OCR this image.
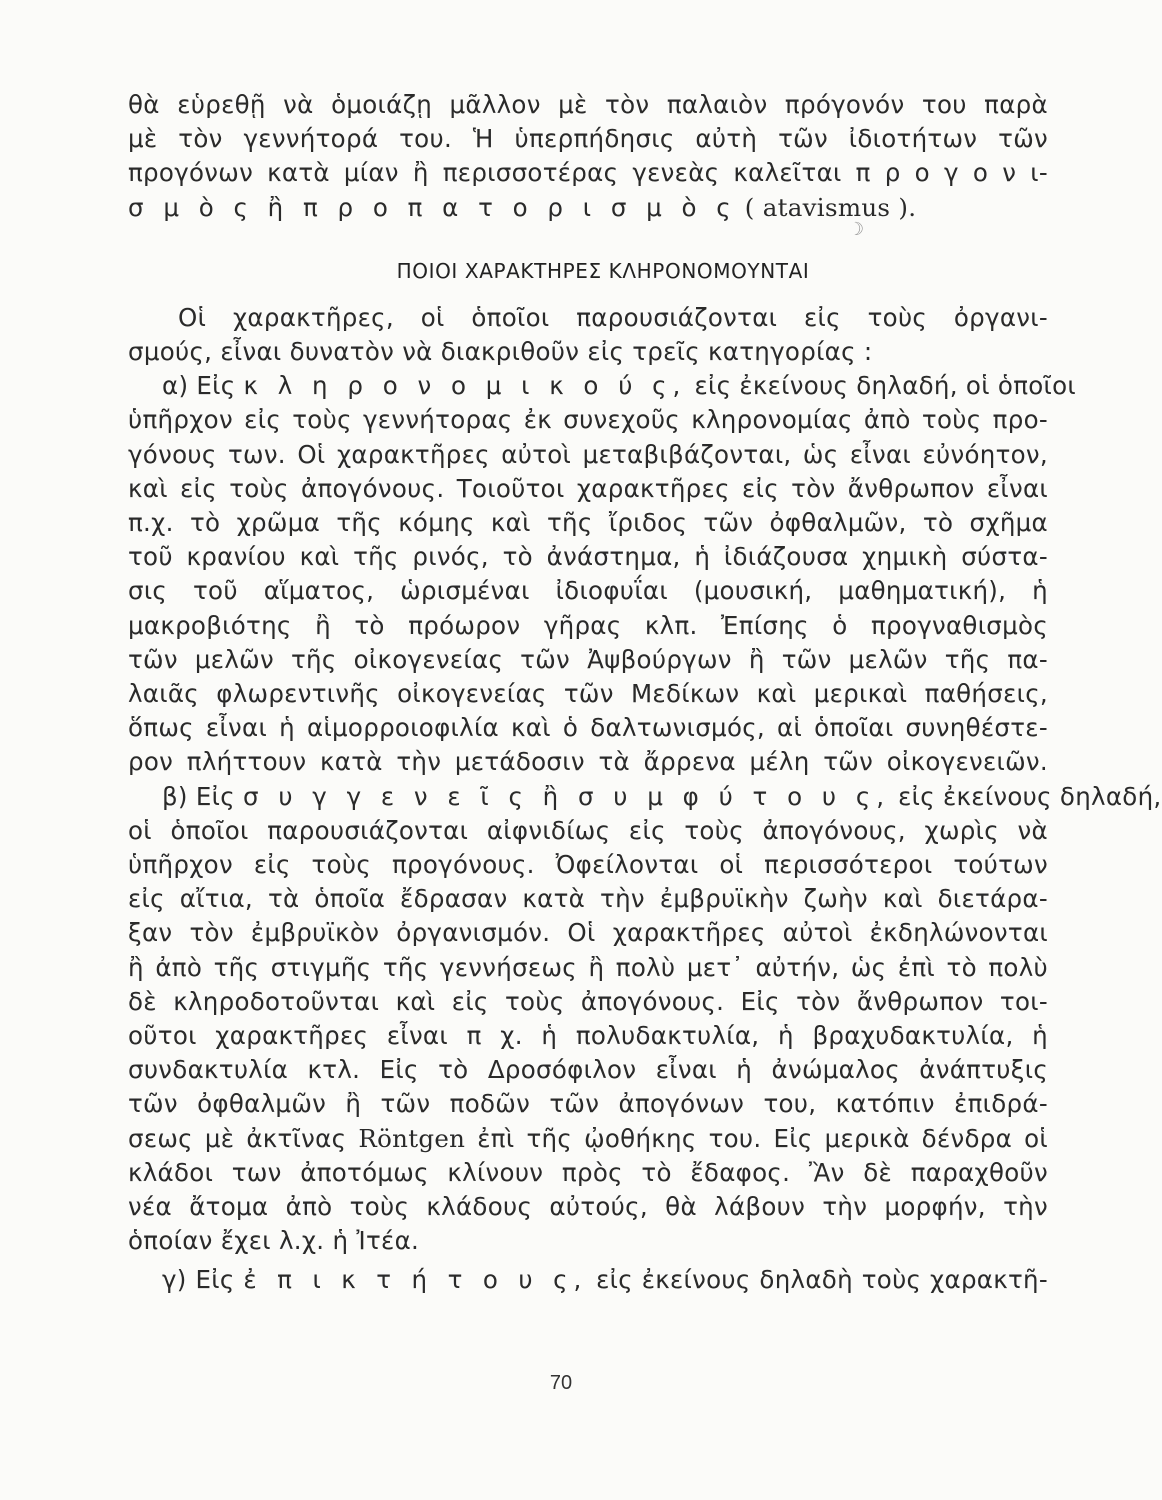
θὰ εὑρεθῇ νὰ ὁμοιάζῃ μᾶλλον μὲ τὸν παλαιὸν πρόγονόν του παρὰ
μὲ τὸν γεννήτορά του. Ἡ ὑπερπήδησις αὐτὴ τῶν ἰδιοτήτων τῶν
προγόνων κατὰ μίαν ἢ περισσοτέρας γενεὰς καλεῖται π ρ ο γ ο ν ι-
σ μ ὸ ς ἢ π ρ ο π α τ ο ρ ι σ μ ὸ ς ( atavismus ).
ΠΟΙΟΙ ΧΑΡΑΚΤΗΡΕΣ ΚΛΗΡΟΝΟΜΟΥΝΤΑΙ
Οἱ χαρακτῆρες, οἱ ὁποῖοι παρουσιάζονται εἰς τοὺς ὀργανι-
σμούς, εἶναι δυνατὸν νὰ διακριθοῦν εἰς τρεῖς κατηγορίας :
α) Εἰς κ λ η ρ ο ν ο μ ι κ ο ύ ς, εἰς ἐκείνους δηλαδή, οἱ ὁποῖοι
ὑπῆρχον εἰς τοὺς γεννήτορας ἐκ συνεχοῦς κληρονομίας ἀπὸ τοὺς προ-
γόνους των. Οἱ χαρακτῆρες αὐτοὶ μεταβιβάζονται, ὡς εἶναι εὐνόητον,
καὶ εἰς τοὺς ἀπογόνους. Τοιοῦτοι χαρακτῆρες εἰς τὸν ἄνθρωπον εἶναι
π.χ. τὸ χρῶμα τῆς κόμης καὶ τῆς ἴριδος τῶν ὀφθαλμῶν, τὸ σχῆμα
τοῦ κρανίου καὶ τῆς ρινός, τὸ ἀνάστημα, ἡ ἰδιάζουσα χημικὴ σύστα-
σις τοῦ αἵματος, ὡρισμέναι ἰδιοφυΐαι (μουσική, μαθηματική), ἡ
μακροβιότης ἢ τὸ πρόωρον γῆρας κλπ. Ἐπίσης ὁ προγναθισμὸς
τῶν μελῶν τῆς οἰκογενείας τῶν Ἀψβούργων ἢ τῶν μελῶν τῆς πα-
λαιᾶς φλωρεντινῆς οἰκογενείας τῶν Μεδίκων καὶ μερικαὶ παθήσεις,
ὅπως εἶναι ἡ αἱμορροιοφιλία καὶ ὁ δαλτωνισμός, αἱ ὁποῖαι συνηθέστε-
ρον πλήττουν κατὰ τὴν μετάδοσιν τὰ ἄρρενα μέλη τῶν οἰκογενειῶν.
β) Εἰς σ υ γ γ ε ν ε ῖ ς ἢ σ υ μ φ ύ τ ο υ ς, εἰς ἐκείνους δηλαδή,
οἱ ὁποῖοι παρουσιάζονται αἰφνιδίως εἰς τοὺς ἀπογόνους, χωρὶς νὰ
ὑπῆρχον εἰς τοὺς προγόνους. Ὀφείλονται οἱ περισσότεροι τούτων
εἰς αἴτια, τὰ ὁποῖα ἔδρασαν κατὰ τὴν ἐμβρυϊκὴν ζωὴν καὶ διετάρα-
ξαν τὸν ἐμβρυϊκὸν ὀργανισμόν. Οἱ χαρακτῆρες αὐτοὶ ἐκδηλώνονται
ἢ ἀπὸ τῆς στιγμῆς τῆς γεννήσεως ἢ πολὺ μετ᾿ αὐτήν, ὡς ἐπὶ τὸ πολὺ
δὲ κληροδοτοῦνται καὶ εἰς τοὺς ἀπογόνους. Εἰς τὸν ἄνθρωπον τοι-
οῦτοι χαρακτῆρες εἶναι π χ. ἡ πολυδακτυλία, ἡ βραχυδακτυλία, ἡ
συνδακτυλία κτλ. Εἰς τὸ Δροσόφιλον εἶναι ἡ ἀνώμαλος ἀνάπτυξις
τῶν ὀφθαλμῶν ἢ τῶν ποδῶν τῶν ἀπογόνων του, κατόπιν ἐπιδρά-
σεως μὲ ἀκτῖνας Röntgen ἐπὶ τῆς ᾠοθήκης του. Εἰς μερικὰ δένδρα οἱ
κλάδοι των ἀποτόμως κλίνουν πρὸς τὸ ἔδαφος. Ἂν δὲ παραχθοῦν
νέα ἄτομα ἀπὸ τοὺς κλάδους αὐτούς, θὰ λάβουν τὴν μορφήν, τὴν
ὁποίαν ἔχει λ.χ. ἡ Ἰτέα.
γ) Εἰς ἐ π ι κ τ ή τ ο υ ς, εἰς ἐκείνους δηλαδὴ τοὺς χαρακτῆ-
☽
70
